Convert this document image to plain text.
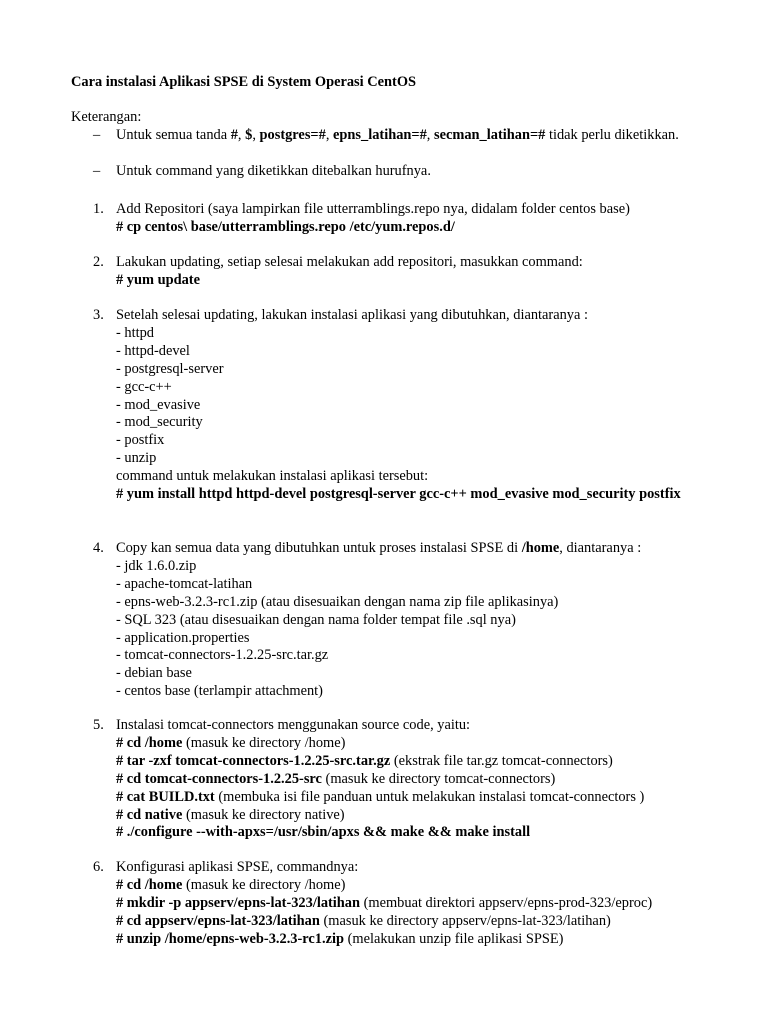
Cara instalasi Aplikasi SPSE di System Operasi CentOS
Keterangan:
– Untuk semua tanda #, $, postgres=#, epns_latihan=#, secman_latihan=# tidak perlu diketikkan.
– Untuk command yang diketikkan ditebalkan hurufnya.
1. Add Repositori (saya lampirkan file utterramblings.repo nya, didalam folder centos base)
# cp centos\ base/utterramblings.repo /etc/yum.repos.d/
2. Lakukan updating, setiap selesai melakukan add repositori, masukkan command:
# yum update
3. Setelah selesai updating, lakukan instalasi aplikasi yang dibutuhkan, diantaranya :
- httpd
- httpd-devel
- postgresql-server
- gcc-c++
- mod_evasive
- mod_security
- postfix
- unzip
command untuk melakukan instalasi aplikasi tersebut:
# yum install httpd httpd-devel postgresql-server gcc-c++ mod_evasive mod_security postfix
4. Copy kan semua data yang dibutuhkan untuk proses instalasi SPSE di /home, diantaranya :
- jdk 1.6.0.zip
- apache-tomcat-latihan
- epns-web-3.2.3-rc1.zip (atau disesuaikan dengan nama zip file aplikasinya)
- SQL 323 (atau disesuaikan dengan nama folder tempat file .sql nya)
- application.properties
- tomcat-connectors-1.2.25-src.tar.gz
- debian base
- centos base (terlampir attachment)
5. Instalasi tomcat-connectors menggunakan source code, yaitu:
# cd /home (masuk ke directory /home)
# tar -zxf tomcat-connectors-1.2.25-src.tar.gz (ekstrak file tar.gz tomcat-connectors)
# cd tomcat-connectors-1.2.25-src (masuk ke directory tomcat-connectors)
# cat BUILD.txt (membuka isi file panduan untuk melakukan instalasi tomcat-connectors )
# cd native (masuk ke directory native)
# ./configure --with-apxs=/usr/sbin/apxs && make && make install
6. Konfigurasi aplikasi SPSE, commandnya:
# cd /home (masuk ke directory /home)
# mkdir -p appserv/epns-lat-323/latihan (membuat direktori appserv/epns-prod-323/eproc)
# cd appserv/epns-lat-323/latihan (masuk ke directory appserv/epns-lat-323/latihan)
# unzip /home/epns-web-3.2.3-rc1.zip (melakukan unzip file aplikasi SPSE)
